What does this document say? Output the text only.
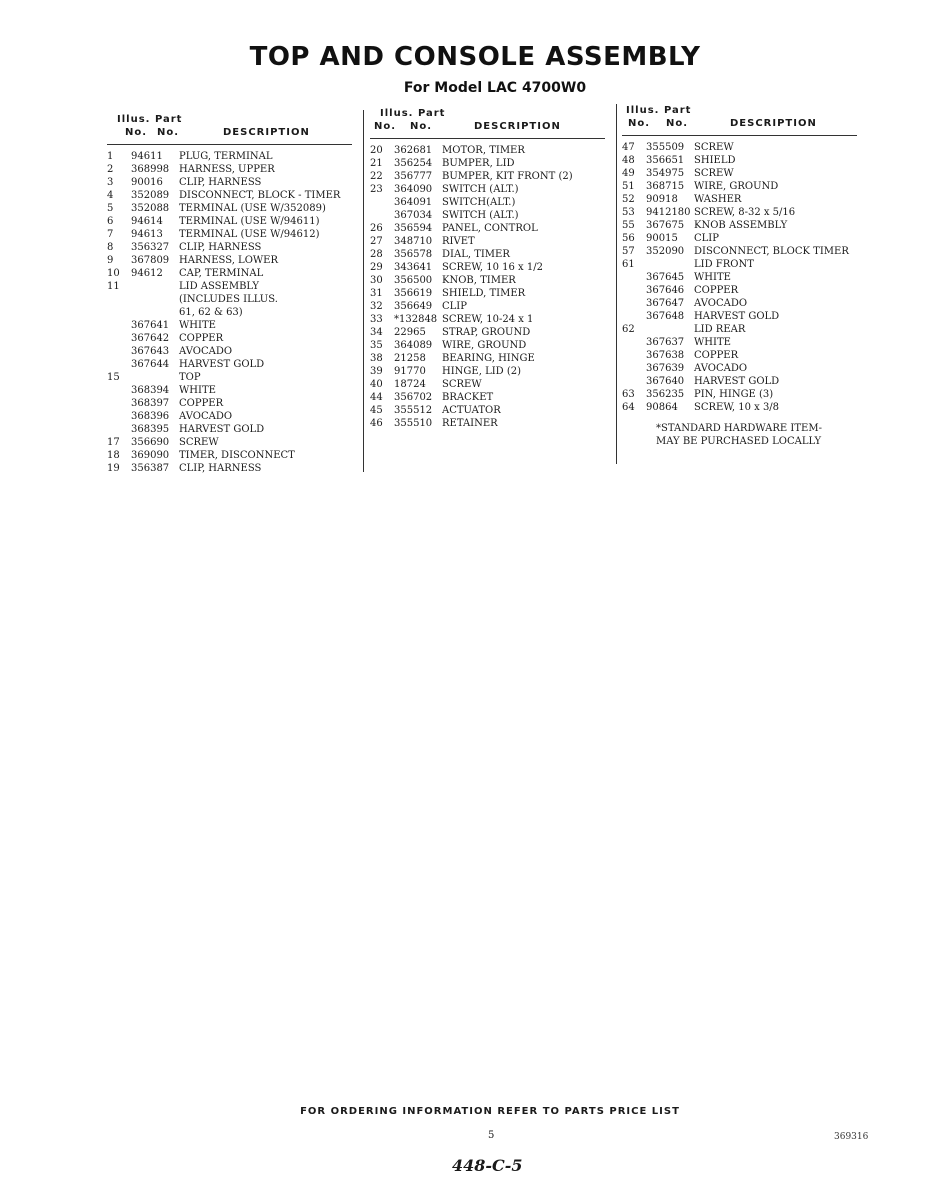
TOP AND CONSOLE ASSEMBLY
For Model LAC 4700W0
Illus. Part
No. No.	DESCRIPTION
1	94611	PLUG, TERMINAL
2	368998 HARNESS, UPPER
3	90016	CLIP, HARNESS
4	352089 DISCONNECT, BLOCK - TIMER
5	352088 TERMINAL (USE W/352089)
6	94614	TERMINAL (USE W/94611)
7	94613	TERMINAL (USE W/94612)
8	356327 CLIP, HARNESS
9	367809 HARNESS, LOWER
10	94612	CAP, TERMINAL
11	LID ASSEMBLY
(INCLUDES ILLUS.
61, 62 & 63)
367641 WHITE
367642 COPPER
367643 AVOCADO
367644 HARVEST GOLD
15	TOP
368394 WHITE
368397 COPPER
368396 AVOCADO
368395 HARVEST GOLD
17	356690 SCREW
18	369090 TIMER, DISCONNECT
19	356387 CLIP, HARNESS
Illus. Part
No. No.	DESCRIPTION
20	362681 MOTOR, TIMER
21	356254 BUMPER, LID
22	356777 BUMPER, KIT FRONT (2)
23	364090 SWITCH (ALT.)
364091 SWITCH(ALT.)
367034 SWITCH (ALT.)
26	356594 PANEL, CONTROL
27	348710 RIVET
28	356578 DIAL, TIMER
29	343641 SCREW, 10 16 x 1/2
30	356500 KNOB, TIMER
31	356619 SHIELD, TIMER
32	356649 CLIP
33	*132848 SCREW, 10-24 x 1
34	22965	STRAP, GROUND
35	364089 WIRE, GROUND
38	21258	BEARING, HINGE
39	91770	HINGE, LID (2)
40	18724	SCREW
44	356702 BRACKET
45	355512 ACTUATOR
46	355510 RETAINER
Illus. Part
No. No.	DESCRIPTION
47	355509 SCREW
48	356651 SHIELD
49	354975 SCREW
51	368715 WIRE, GROUND
52	90918	WASHER
53	9412180 SCREW, 8-32 x 5/16
55	367675 KNOB ASSEMBLY
56	90015	CLIP
57	352090 DISCONNECT, BLOCK TIMER
61	LID FRONT
367645 WHITE
367646 COPPER
367647 AVOCADO
367648 HARVEST GOLD
62	LID REAR
367637 WHITE
367638 COPPER
367639 AVOCADO
367640 HARVEST GOLD
63	356235 PIN, HINGE (3)
64	90864	SCREW, 10 x 3/8
*STANDARD HARDWARE ITEM-
MAY BE PURCHASED LOCALLY
FOR ORDERING INFORMATION REFER TO PARTS PRICE LIST
5	369316
448-C-5
